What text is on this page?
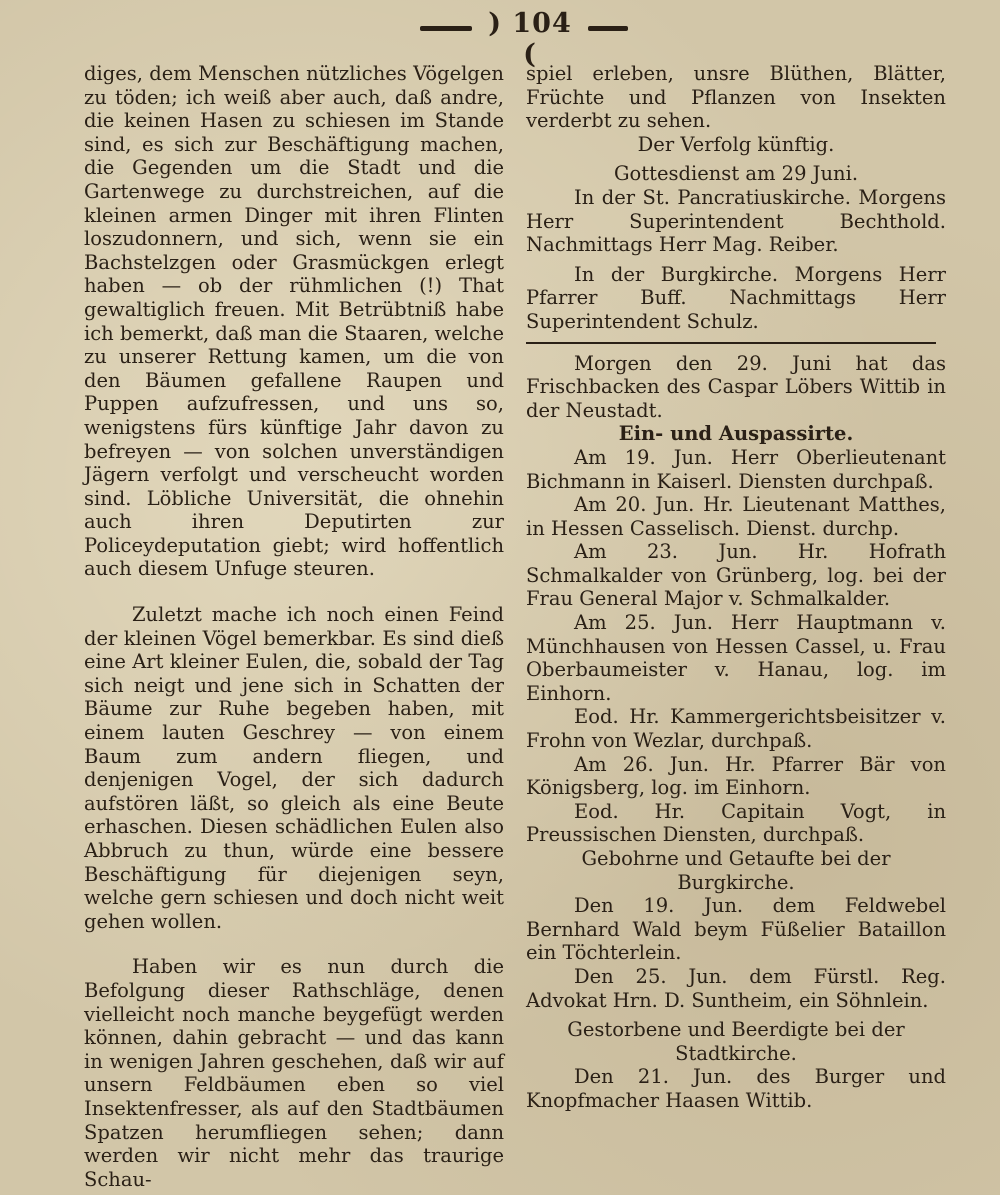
) 104 (

diges, dem Menschen nützliches Vögelgen zu töden; ich weiß aber auch, daß andre, die keinen Hasen zu schiesen im Stande sind, es sich zur Beschäftigung machen, die Gegenden um die Stadt und die Gartenwege zu durchstreichen, auf die kleinen armen Dinger mit ihren Flinten loszudonnern, und sich, wenn sie ein Bachstelzgen oder Grasmückgen erlegt haben — ob der rühmlichen (!) That gewaltiglich freuen. Mit Betrübtniß habe ich bemerkt, daß man die Staaren, welche zu unserer Rettung kamen, um die von den Bäumen gefallene Raupen und Puppen aufzufressen, und uns so, wenigstens fürs künftige Jahr davon zu befreyen — von solchen unverständigen Jägern verfolgt und verscheucht worden sind. Löbliche Universität, die ohnehin auch ihren Deputirten zur Policeydeputation giebt; wird hoffentlich auch diesem Unfuge steuren.

Zuletzt mache ich noch einen Feind der kleinen Vögel bemerkbar. Es sind dieß eine Art kleiner Eulen, die, sobald der Tag sich neigt und jene sich in Schatten der Bäume zur Ruhe begeben haben, mit einem lauten Geschrey — von einem Baum zum andern fliegen, und denjenigen Vogel, der sich dadurch aufstören läßt, so gleich als eine Beute erhaschen. Diesen schädlichen Eulen also Abbruch zu thun, würde eine bessere Beschäftigung für diejenigen seyn, welche gern schiesen und doch nicht weit gehen wollen.

Haben wir es nun durch die Befolgung dieser Rathschläge, denen vielleicht noch manche beygefügt werden können, dahin gebracht — und das kann in wenigen Jahren geschehen, daß wir auf unsern Feldbäumen eben so viel Insektenfresser, als auf den Stadtbäumen Spatzen herumfliegen sehen; dann werden wir nicht mehr das traurige Schau-

spiel erleben, unsre Blüthen, Blätter, Früchte und Pflanzen von Insekten verderbt zu sehen.

Der Verfolg künftig.

Gottesdienst am 29 Juni.

In der St. Pancratiuskirche. Morgens Herr Superintendent Bechthold. Nachmittags Herr Mag. Reiber.

In der Burgkirche. Morgens Herr Pfarrer Buff. Nachmittags Herr Superintendent Schulz.

Morgen den 29. Juni hat das Frischbacken des Caspar Löbers Wittib in der Neustadt.

Ein- und Auspassirte.

Am 19. Jun. Herr Oberlieutenant Bichmann in Kaiserl. Diensten durchpaß.

Am 20. Jun. Hr. Lieutenant Matthes, in Hessen Casselisch. Dienst. durchp.

Am 23. Jun. Hr. Hofrath Schmalkalder von Grünberg, log. bei der Frau General Major v. Schmalkalder.

Am 25. Jun. Herr Hauptmann v. Münchhausen von Hessen Cassel, u. Frau Oberbaumeister v. Hanau, log. im Einhorn.

Eod. Hr. Kammergerichtsbeisitzer v. Frohn von Wezlar, durchpaß.

Am 26. Jun. Hr. Pfarrer Bär von Königsberg, log. im Einhorn.

Eod. Hr. Capitain Vogt, in Preussischen Diensten, durchpaß.

Gebohrne und Getaufte bei der Burgkirche.

Den 19. Jun. dem Feldwebel Bernhard Wald beym Füßelier Bataillon ein Töchterlein.

Den 25. Jun. dem Fürstl. Reg. Advokat Hrn. D. Suntheim, ein Söhnlein.

Gestorbene und Beerdigte bei der Stadtkirche.

Den 21. Jun. des Burger und Knopfmacher Haasen Wittib.
